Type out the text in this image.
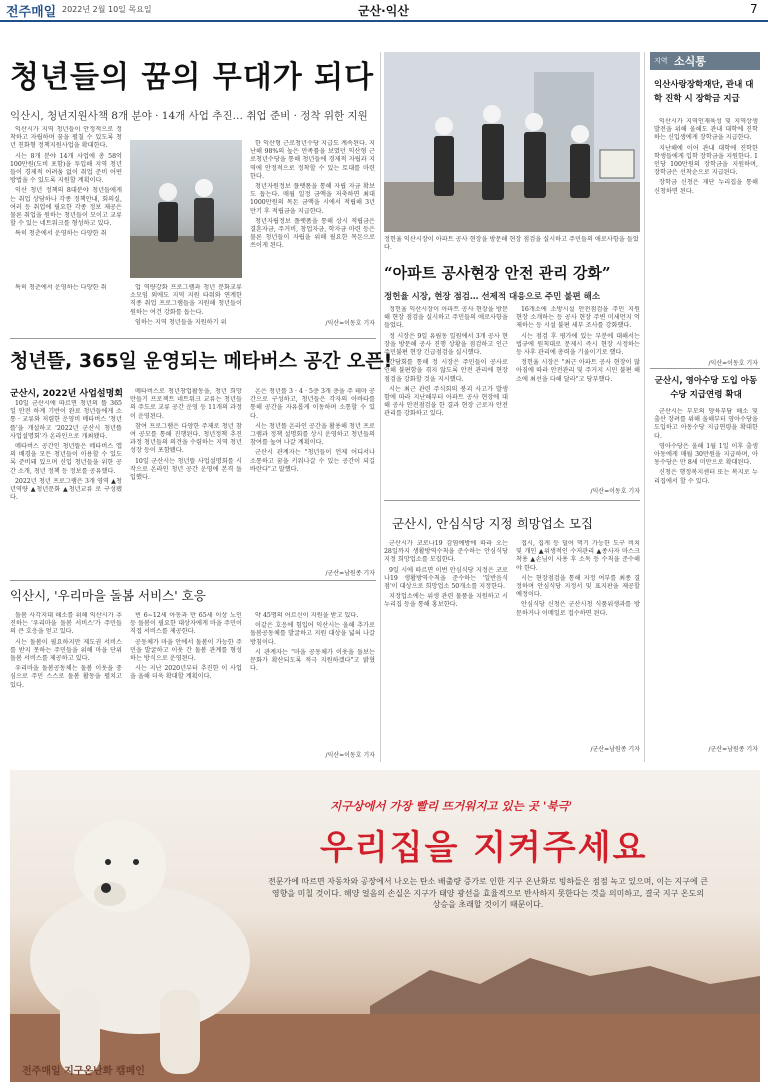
전주매일 2022년 2월 10일 목요일	군산·익산	7
청년들의 꿈의 무대가 되다
익산시, 청년지원사책 8개 분야 · 14개 사업 추진… 취업 준비 · 정착 위한 지원

익산시가 지역 청년들이 안정적으로 정착하고 자립하며 꿈을 펼칠 수 있도록 청년 친화형 정책지원사업을 확대한다.

시는 8개 분야 14개 사업에 총 58억 100만원(도비 포함)을 투입해 지역 청년들이 경제적 어려움 없이 취업 준비 어떤 방법을 수 있도록 지원할 계획이다.

익산 청년 정책의 8대분야 청년들에게 는 취업 상담하나 각종 정책안내, 회의실, 여러 등 취업에 필요한 각종 정보 제공은 물론 취업을 원하는 청년들이 모이고 교류할 수 있는 네트워크를 형성하고 있다.

특히 청춘에서 운영하는 다양한 취

업 역량강화 프로그램과 청년 문화교류 소모임 외에도 지역 지원 타워와 연계한 직종 취업 프로그램들을 지원해 청년들이 원하는 여건 강화를 돕는다.

임하는 지역 청년들을 지원하기 위

특히 청춘에서 운영하는 다양한 취

한 익산형 근로청년수당 지급도 계속된다. 지난해 98%의 높은 만족률을 보였던 익산형 근로청년수당을 통해 청년들에 경제적 자립과 지역에 안정적으로 정착할 수 있는 토대를 마련한다.

청년자원정보 플랫폼을 통해 자립 자금 확보도 돕는다. 매월 일정 금액을 저축하면 최대 1000만원의 목돈 금액을 시에서 적립해 3년 만기 후 적립금을 지급한다.

청년자립정보 플랫폼을 통해 상시 적립금은 결혼자금, 주거비, 창업자금, 학자금 마련 등은 물론 청년들이 자립을 위해 필요한 목돈으로 쓰이게 된다.

/익산=이동호 기자
정헌율 익산시장이 아파트 공사 현장을 방문해 현장 점검을 실시하고 주민들의 애로사항을 들었다.
“아파트 공사현장 안전 관리 강화”
정헌율 시장, 현장 점검… 선제적 대응으로 주민 불편 해소

정헌율 익산시장이 아파트 공사 현장을 방문해 현장 점검을 실시하고 주민들의 애로사항을 들었다.

정 시장은 9일 유림동 일원에서 3개 공사 현장을 방문해 공사 진행 상황을 점검하고 인근 주민불편 현장 긴급점검을 실시했다.

간담회를 통해 정 시장은 주민들이 공사로 인해 불편함을 겪지 않도록 안전 관리에 현장 점검을 강화할 것을 지시했다.

시는 최근 관련 주식회의 붕괴 사고가 발생함에 따라 지난해부터 아파트 공사 현장에 대해 공사 안전점검을 한 결과 현장 근로자 안전 관리를 강화하고 있다.

16개소에 소방시설 안전점검을 주민 지원 현장 소개하는 등 공사 현장 주변 미세먼지 억제하는 등 시설 불편 세부 조사를 강화했다.

시는 점검 후 평가에 있는 부분에 대해서는 법규에 원칙대로 문제시 즉시 현장 시정하는 등 사후 관리에 총력을 기울이기로 했다.

정헌율 시장은 "최근 아파트 공사 현장이 많아짐에 따라 안전관리 및 주거지 시민 불편 해소에 최선을 다해 달라"고 당부했다.

/익산=이동호 기자
청년뜰, 365일 운영되는 메타버스 공간 오픈!
군산시, 2022년 사업설명회

10일 군산시에 따르면 청년의 뜰 365일 안전 하계 기반이 완료 청년들에게 소통 · 교류와 저렴한 운영비 메타버스 '청년뜰'을 개설하고 '2022년 군산시 청년뜰 사업설명회'가 온라인으로 개최됐다.

메타버스 공간인 청년뜰은 메타버스 앱의 배경을 모든 청년들이 이용할 수 있도록 준비돼 있으며 신입 청년들을 위한 공간 소개, 청년 정책 등 정보를 공유했다.

2022년 청년 프로그램은 3개 영역 ▲청년역량 ▲청년문화 ▲청년교류 로 구성됐다.

메타버스로 청년창업활동을, 청년 희망만들기 프로젝트 네트워크 교류는 청년들의 주도로 교류 공간 운영 등 11개의 과정이 운영된다.

참여 프로그램은 다양한 주제로 청년 참여 공모를 통해 진행된다. 청년정책 추진 과정 청년들의 의견을 수렴하는 지역 청년 성장 등이 포함됐다.

10일 군산시는 청년뜰 사업설명회를 시작으로 온라인 청년 공간 운영에 본격 돌입했다.

온은 청년뜰 3 · 4 · 5층 3개 층을 주 테마 공간으로 구성하고, 청년들은 각자의 아바타를 통해 공간을 자유롭게 이동하며 소통할 수 있다.

시는 청년뜰 온라인 공간을 활용해 청년 프로그램과 정책 설명회를 상시 운영하고 청년들의 참여를 높여 나갈 계획이다.

군산시 관계자는 "청년들이 언제 어디서나 소통하고 꿈을 키워나갈 수 있는 공간이 되길 바란다"고 말했다.

/군산=남원종 기자
익산시, '우리마을 돌봄 서비스' 호응

돌봄 사각지대 해소를 위해 익산시가 추진하는 '우리마을 돌봄 서비스'가 주민들의 큰 호응을 얻고 있다.

시는 돌봄이 필요하지만 제도권 서비스를 받지 못하는 주민들을 위해 마을 단위 돌봄 서비스를 제공하고 있다.

우리마을 돌봄공동체는 돌봄 이웃을 중심으로 주민 스스로 돌봄 활동을 펼치고 있다.

빈 6~12세 아동과 만 65세 이상 노인 등 돌봄이 필요한 대상자에게 마을 주민이 직접 서비스를 제공한다.

공동체가 마을 안에서 돌봄이 가능한 주민을 발굴하고 이웃 간 돌봄 관계를 형성하는 방식으로 운영된다.

시는 지난 2020년부터 추진한 이 사업을 올해 더욱 확대할 계획이다.

약 45명의 어르신이 지원을 받고 있다.

이같은 호응에 힘입어 익산시는 올해 추가로 돌봄공동체를 발굴하고 지원 대상을 넓혀 나갈 방침이다.

시 관계자는 "마을 공동체가 이웃을 돌보는 문화가 확산되도록 적극 지원하겠다"고 밝혔다.

/익산=이동호 기자
군산시, 안심식당 지정 희망업소 모집

군산시가 코로나19 감염예방에 따라 오는 28일까지 생활방역수칙을 준수하는 안심식당 지정 희망업소를 모집한다.

9일 시에 따르면 이번 안심식당 지정은 코로나19 생활방역수칙을 준수하는 '일반음식점'이 대상으로 희망업소 50개소를 지정한다.

지정업소에는 위생 관련 물품을 지원하고 시 누리집 등을 통해 홍보한다.

접시, 집게 등 덜어 먹기 가능한 도구 비치 및 개인 ▲위생적인 수저관리 ▲종사자 마스크 착용 ▲손님이 사용 후 소독 등 수칙을 준수해야 한다.

시는 현장점검을 통해 지정 여부를 최종 결정하며 안심식당 지정서 및 표지판을 제공할 예정이다.

안심식당 신청은 군산시청 식품위생과를 방문하거나 이메일로 접수하면 된다.

/군산=남원종 기자
지역 소식통
익산사랑장학재단, 관내 대학 진학 시 장학금 지급

익산시가 지역인재육성 및 지역상생발전을 위해 올해도 관내 대학에 진학하는 신입생에게 장학금을 지급한다.

지난해에 이어 관내 대학에 진학한 학생들에게 입학 장학금을 지원한다. 1인당 100만원의 장학금을 지원하며, 장학금은 선착순으로 지급된다.

장학금 신청은 재단 누리집을 통해 신청하면 된다.

/익산=이동호 기자
군산시, 영아수당 도입 아동수당 지급연령 확대

군산시는 부모의 양육부담 해소 및 출산 장려를 위해 올해부터 영아수당을 도입하고 아동수당 지급연령을 확대한다.

영아수당은 올해 1월 1일 이후 출생 아동에게 매월 30만원을 지급하며, 아동수당은 만 8세 미만으로 확대된다.

신청은 행정복지센터 또는 복지로 누리집에서 할 수 있다.

/군산=남원종 기자
지구상에서 가장 빨리 뜨거워지고 있는 곳 '북극'
우리집을 지켜주세요
전문가에 따르면 자동차와 공장에서 나오는 탄소 배출량 증가로 인한 지구 온난화로 빙하들은 점점 녹고 있으며, 이는 지구에 큰 영향을 미칠 것이다. 해양 얼음의 손실은 지구가 태양 광선을 효율적으로 반사하지 못한다는 것을 의미하고, 결국 지구 온도의 상승을 초래할 것이기 때문이다.
전주매일 지구온난화 캠페인
